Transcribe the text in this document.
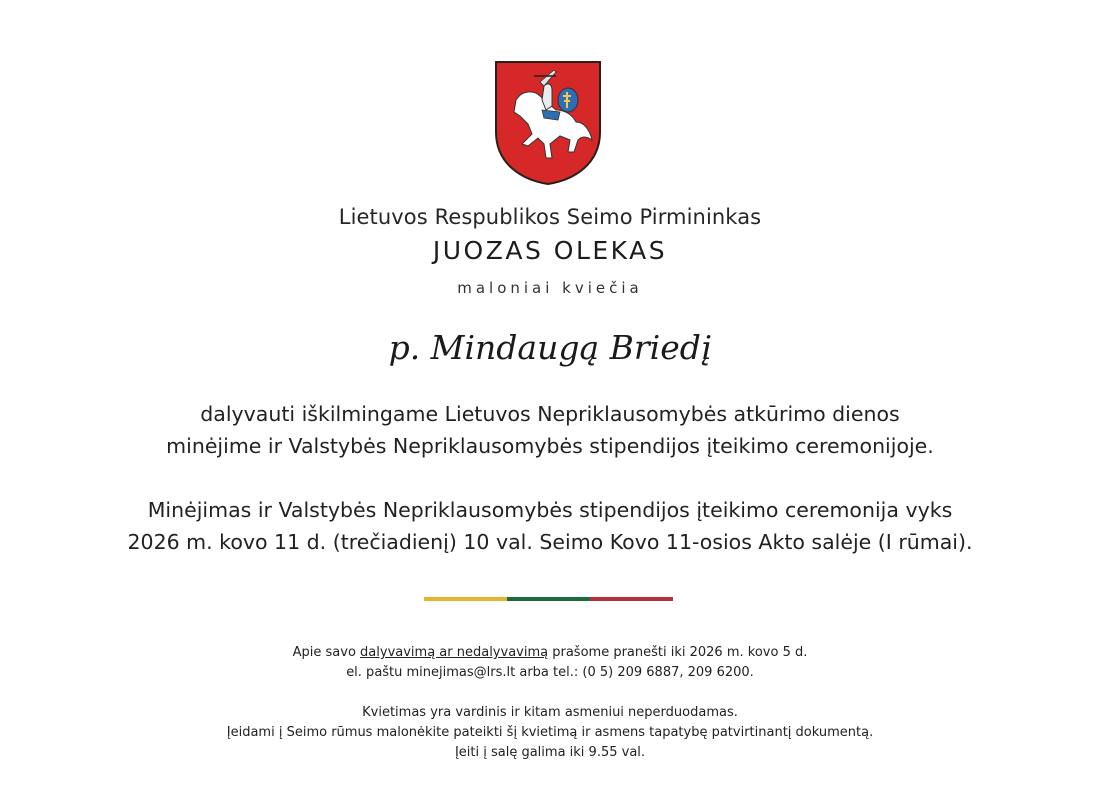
Lietuvos Respublikos Seimo Pirmininkas
JUOZAS OLEKAS
maloniai kviečia
p. Mindaugą Briedį
dalyvauti iškilmingame Lietuvos Nepriklausomybės atkūrimo dienos
minėjime ir Valstybės Nepriklausomybės stipendijos įteikimo ceremonijoje.
Minėjimas ir Valstybės Nepriklausomybės stipendijos įteikimo ceremonija vyks
2026 m. kovo 11 d. (trečiadienį) 10 val. Seimo Kovo 11-osios Akto salėje (I rūmai).

Apie savo dalyvavimą ar nedalyvavimą prašome pranešti iki 2026 m. kovo 5 d.

el. paštu minejimas@lrs.lt arba tel.: (0 5) 209 6887, 209 6200.

Kvietimas yra vardinis ir kitam asmeniui neperduodamas.

Įeidami į Seimo rūmus malonėkite pateikti šį kvietimą ir asmens tapatybę patvirtinantį dokumentą.

Įeiti į salę galima iki 9.55 val.
